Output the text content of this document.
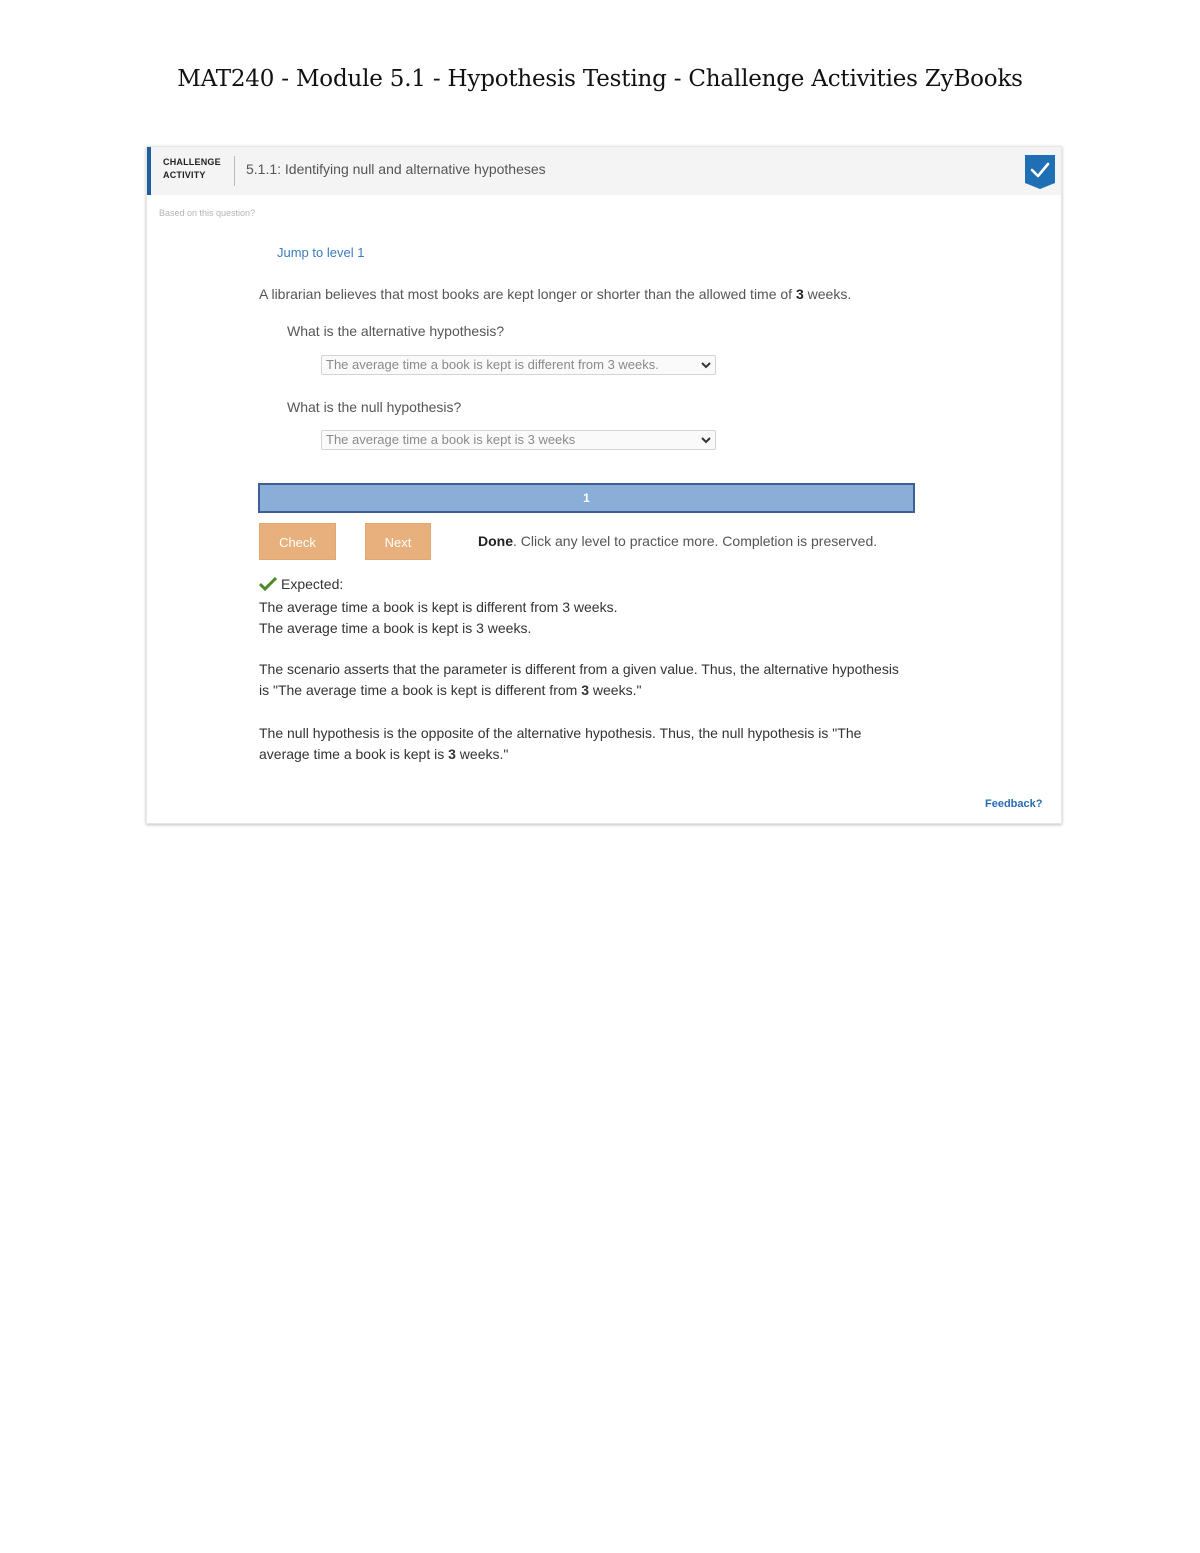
MAT240 - Module 5.1 - Hypothesis Testing - Challenge Activities ZyBooks
CHALLENGE
ACTIVITY	5.1.1: Identifying null and alternative hypotheses
Based on this question?
Jump to level 1
A librarian believes that most books are kept longer or shorter than the allowed time of 3 weeks.
What is the alternative hypothesis?
The average time a book is kept is different from 3 weeks.
What is the null hypothesis?
The average time a book is kept is 3 weeks
1
Check	Next	Done. Click any level to practice more. Completion is preserved.
Expected:
The average time a book is kept is different from 3 weeks.
The average time a book is kept is 3 weeks.
The scenario asserts that the parameter is different from a given value. Thus, the alternative hypothesis is "The average time a book is kept is different from 3 weeks."
The null hypothesis is the opposite of the alternative hypothesis. Thus, the null hypothesis is "The average time a book is kept is 3 weeks."
Feedback?
